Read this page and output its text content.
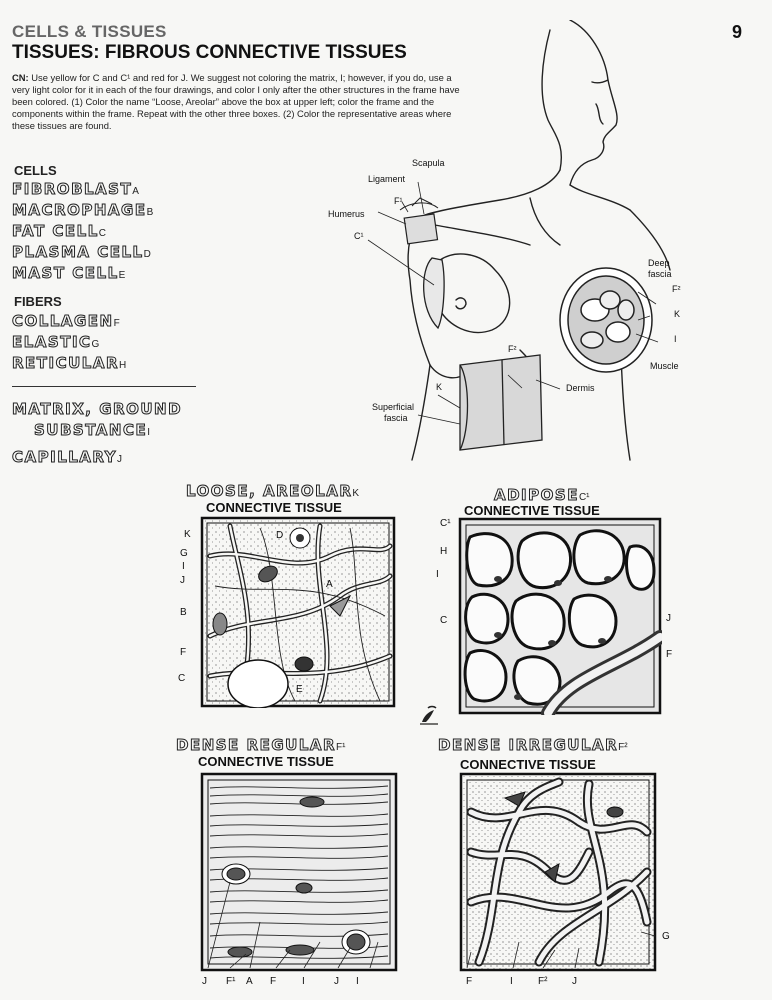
CELLS & TISSUES
TISSUES: FIBROUS CONNECTIVE TISSUES
9
CN: Use yellow for C and C¹ and red for J. We suggest not coloring the matrix, I; however, if you do, use a very light color for it in each of the four drawings, and color I only after the other structures in the frame have been colored. (1) Color the name “Loose, Areolar” above the box at upper left; color the frame and the components within the frame. Repeat with the other three boxes. (2) Color the representative areas where these tissues are found.
CELLS
FIBROBLASTA
MACROPHAGEB
FAT CELLC
PLASMA CELLD
MAST CELLE
FIBERS
COLLAGENF
ELASTICG
RETICULARH
MATRIX, GROUND
SUBSTANCEI
CAPILLARYJ
Scapula
Ligament
F¹
Humerus
C¹
Deep
fascia
F²
K
I
Muscle
F²
K	Dermis
Superficial
fascia
LOOSE, AREOLARK
CONNECTIVE TISSUE
ADIPOSEC¹
CONNECTIVE TISSUE
DENSE REGULARF¹
CONNECTIVE TISSUE
DENSE IRREGULARF²
CONNECTIVE TISSUE
K
G
I
J
B
F
C
D
A
E
C¹
H
I
C	J
F
J F¹ A F	I	J I	F	I	F² J
G
